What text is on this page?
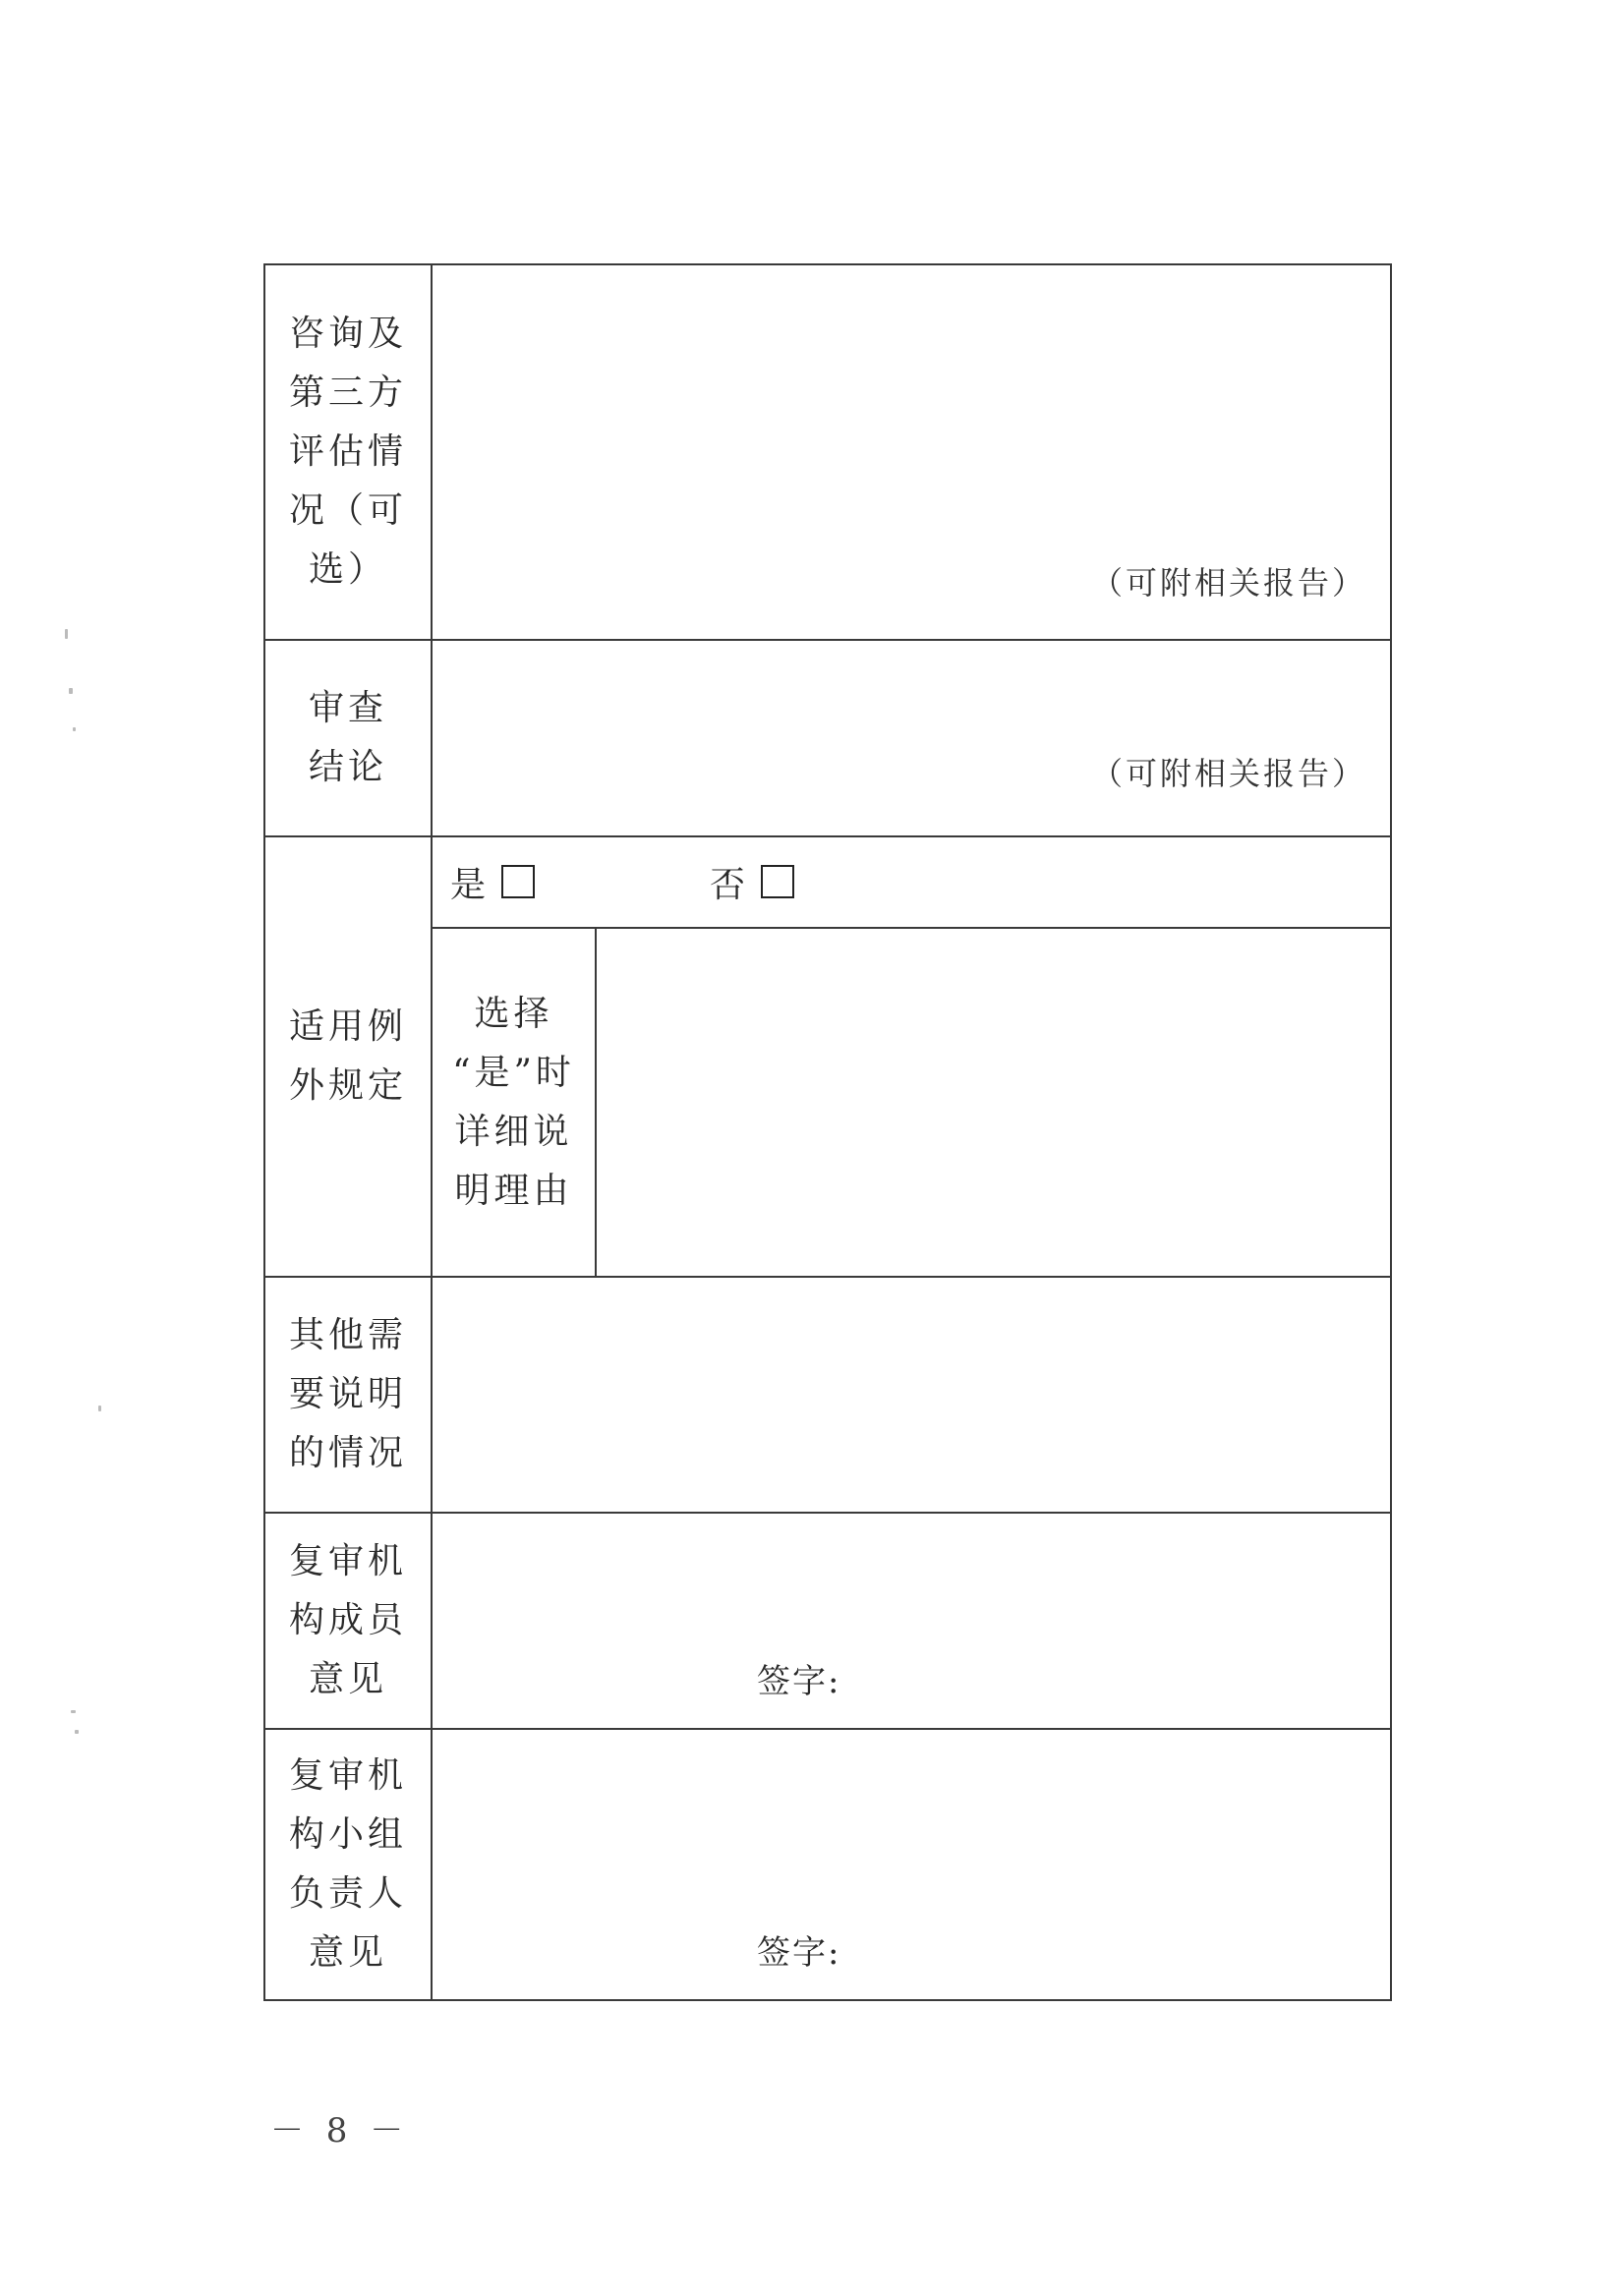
咨询及
第三方
评估情
况（可
选）	（可附相关报告）

审查
结论	（可附相关报告）

适用例
外规定

是	否

选择
“是”时
详细说
明理由

其他需
要说明
的情况

复审机
构成员
意见	签字:

复审机
构小组
负责人
意见	签字:
－ 8 －
